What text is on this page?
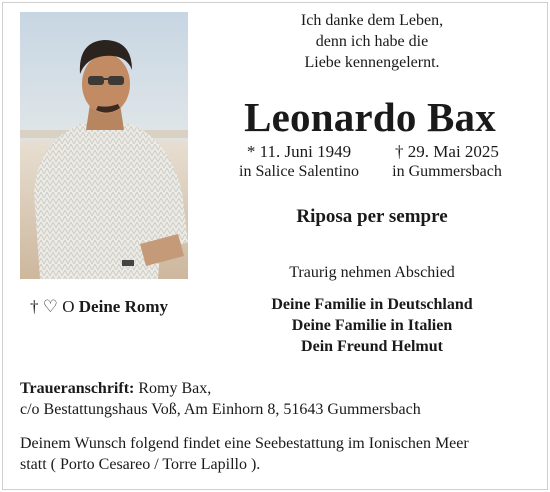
Ich danke dem Leben,
denn ich habe die
Liebe kennengelernt.
Leonardo Bax
* 11. Juni 1949
in Salice Salentino
† 29. Mai 2025
in Gummersbach
Riposa per sempre
Traurig nehmen Abschied
Deine Familie in Deutschland
Deine Familie in Italien
Dein Freund Helmut
† ♡ O Deine Romy
Traueranschrift: Romy Bax,
c/o Bestattungshaus Voß, Am Einhorn 8, 51643 Gummersbach
Deinem Wunsch folgend findet eine Seebestattung im Ionischen Meer
statt ( Porto Cesareo / Torre Lapillo ).
